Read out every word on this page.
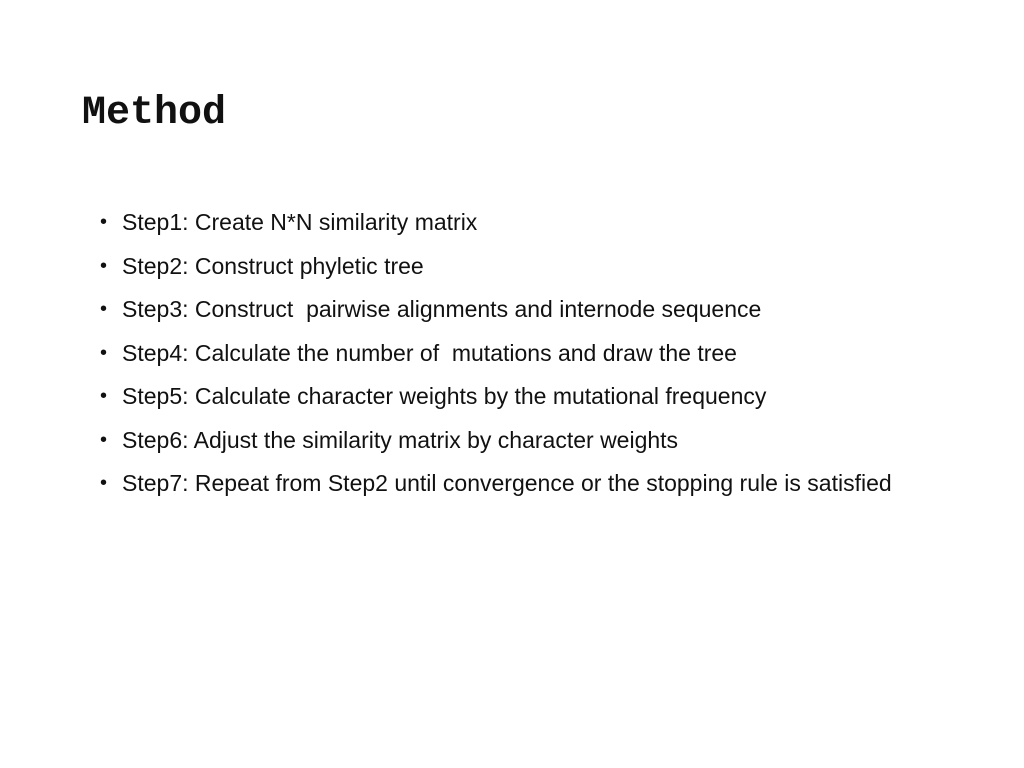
Method
• Step1: Create N*N similarity matrix
• Step2: Construct phyletic tree
• Step3: Construct  pairwise alignments and internode sequence
• Step4: Calculate the number of  mutations and draw the tree
• Step5: Calculate character weights by the mutational frequency
• Step6: Adjust the similarity matrix by character weights
• Step7: Repeat from Step2 until convergence or the stopping rule is satisfied
